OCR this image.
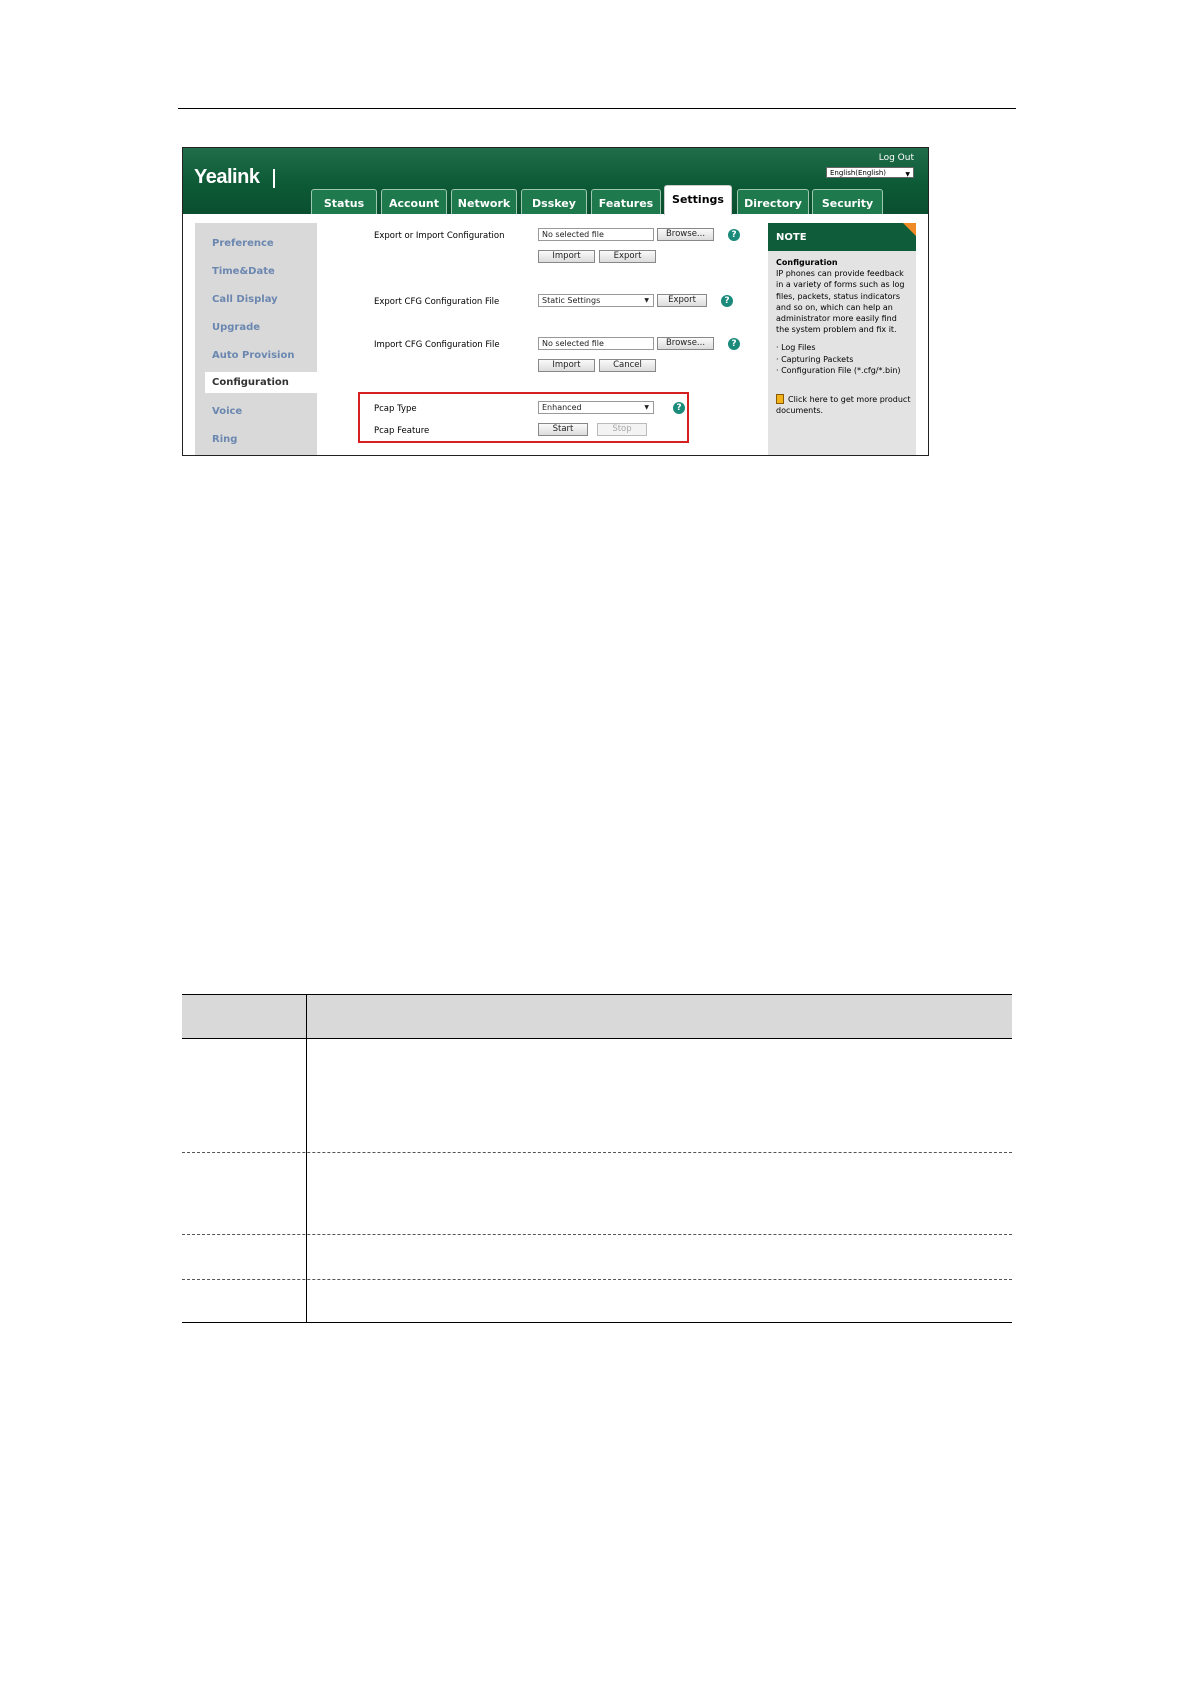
Yealink
Log Out
English(English)	▼
Status	Account	Network	Dsskey	Features	Settings	Directory	Security
Preference
Time&Date
Call Display
Upgrade
Auto Provision
Configuration
Voice
Ring
Export or Import Configuration	No selected file	Browse...	?
Import	Export
Export CFG Configuration File	Static Settings	▼	Export	?
Import CFG Configuration File	No selected file	Browse...	?
Import	Cancel
Pcap Type	Enhanced	▼	?
Pcap Feature	Start	Stop
NOTE
Configuration
IP phones can provide feedback in a variety of forms such as log files, packets, status indicators and so on, which can help an administrator more easily find the system problem and fix it.
· Log Files
· Capturing Packets
· Configuration File (*.cfg/*.bin)
Click here to get more product documents.
